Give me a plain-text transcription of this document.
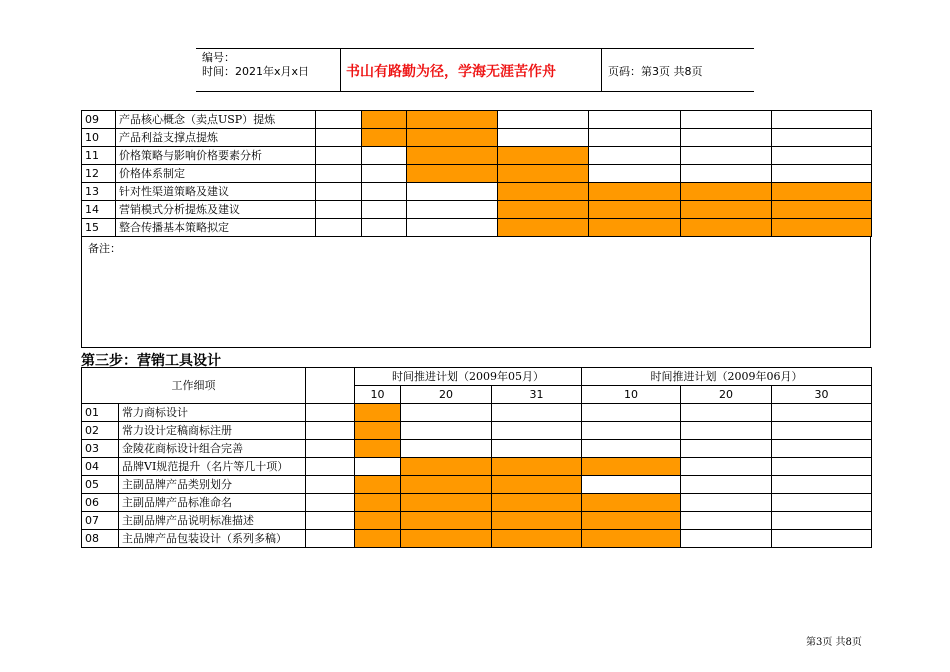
编号：
时间：2021年x月x日	书山有路勤为径，学海无涯苦作舟	页码：第3页 共8页
09	产品核心概念（卖点USP）提炼							
10	产品利益支撑点提炼							
11	价格策略与影响价格要素分析							
12	价格体系制定							
13	针对性渠道策略及建议							
14	营销模式分析提炼及建议							
15	整合传播基本策略拟定							
备注：
第三步：营销工具设计
工作细项			时间推进计划（2009年05月）			时间推进计划（2009年06月）			
			10	20	31	10	20	30	
01	常力商标设计								
02	常力设计定稿商标注册								
03	金陵花商标设计组合完善								
04	品牌VI规范提升（名片等几十项）								
05	主副品牌产品类别划分								
06	主副品牌产品标准命名								
07	主副品牌产品说明标准描述								
08	主品牌产品包装设计（系列多稿）								
第3页 共8页
